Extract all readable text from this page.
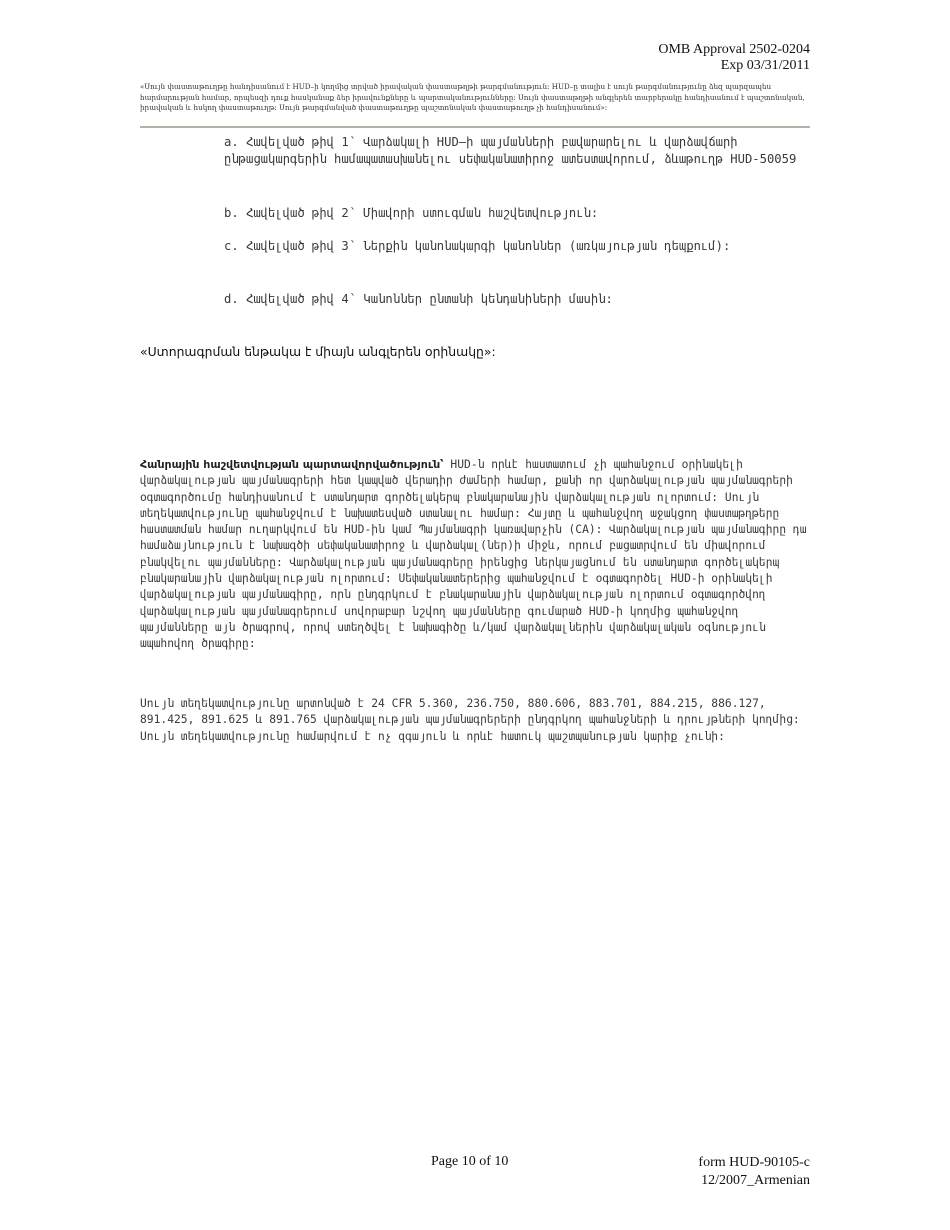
OMB Approval 2502-0204
Exp 03/31/2011
«Սույն փաստաթուղթը հանդիսանում է HUD–ի կողմից տրված իրավական փաստաթղթի թարգմանություն: HUD–ը տալիս է սույն թարգմանությունը ձեզ պարզապես հարմարության համար, որպեսզի դուք հասկանաք ձեր իրավունքները և պարտականությունները: Սույն փաստաթղթի անգլերեն տարբերակը հանդիսանում է պաշտոնական, իրավական և հսկող փաստաթուղթ: Սույն թարգմանված փաստաթուղթը պաշտոնական փաստաթուղթ չի հանդիսանում»:
a. Հավելված թիվ 1՝ Վարձակալի HUD–ի պայմանների բավարարելու և վարձավճարի ընթացակարգերին համապատասխանելու սեփականատիրոջ ատեստավորում, ձևաթուղթ HUD-50059
b. Հավելված թիվ 2՝ Միավորի ստուգման հաշվետվություն:
c. Հավելված թիվ 3՝ Ներքին կանոնակարգի կանոններ (առկայության դեպքում):
d. Հավելված թիվ 4՝ Կանոններ ընտանի կենդանիների մասին:
«Ստորագրման ենթակա է միայն անգլերեն օրինակը»:
Հանրային հաշվետվության պարտավորվածություն՝ HUD-ն որևէ հաստատում չի պահանջում օրինակելի վարձակալության պայմանագրերի հետ կապված վերադիր ժամերի համար, քանի որ վարձակալության պայմանագրերի օգտագործումը հանդիսանում է ստանդարտ գործելակերպ բնակարանային վարձակալության ոլորտում: Սույն տեղեկատվությունը պահանջվում է նախատեսված ստանալու համար: Հայտը և պահանջվող աջակցող փաստաթղթերը հաստատման համար ուղարկվում են HUD-ին կամ Պայմանագրի կառավարչին (CA): Վարձակալության պայմանագիրը դա համաձայնություն է նախագծի սեփականատիրոջ և վարձակալ(ներ)ի միջև, որում բացատրվում են միավորում բնակվելու պայմանները: Վարձակալության պայմանագրերը իրենցից ներկայացնում են ստանդարտ գործելակերպ բնակարանային վարձակալության ոլորտում: Սեփականատերերից պահանջվում է օգտագործել HUD-ի օրինակելի վարձակալության պայմանագիրը, որն ընդգրկում է բնակարանային վարձակալության ոլորտում օգտագործվող վարձակալության պայմանագրերում սովորաբար նշվող պայմանները գումարած HUD-ի կողմից պահանջվող պայմանները այն ծրագրով, որով ստեղծվել է նախագիծը և/կամ վարձակալներին վարձակալական օգնություն ապահովող ծրագիրը:
Սույն տեղեկատվությունը արտոնված է 24 CFR 5.360, 236.750, 880.606, 883.701, 884.215, 886.127, 891.425, 891.625 և 891.765 վարձակալության պայմանագրերերի ընդգրկող պահանջների և դրույթների կողմից: Սույն տեղեկատվությունը համարվում է ոչ զգայուն և որևէ հատուկ պաշտպանության կարիք չունի:
Page 10 of 10	form HUD-90105-c
12/2007_Armenian
